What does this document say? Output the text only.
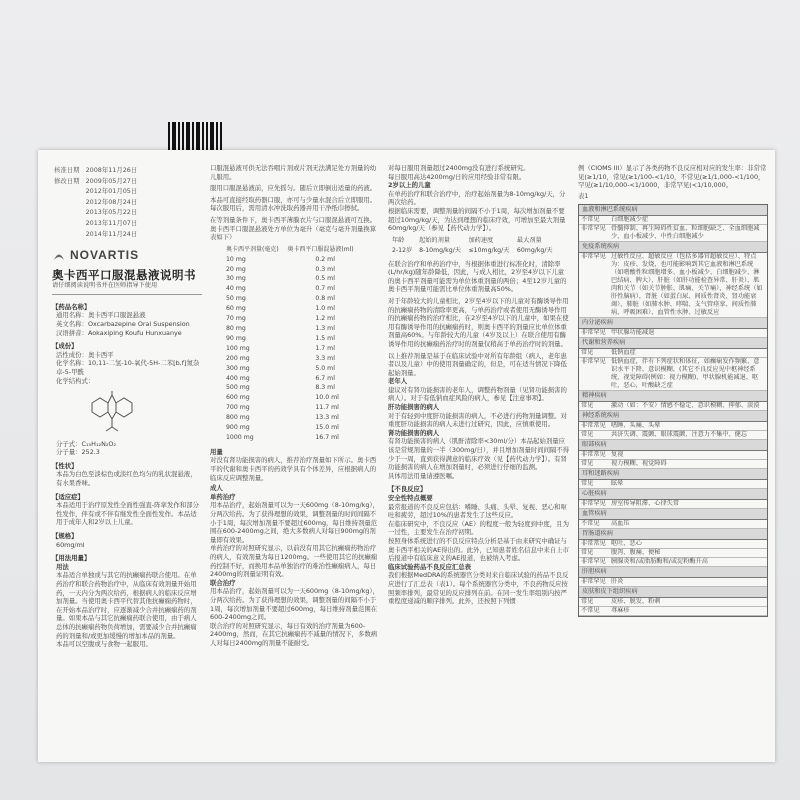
核准日期	2008年11月26日
修改日期	2009年05月27日
	2012年01月05日
	2012年08月24日
	2013年05月22日
	2013年11月07日
	2014年11月24日
NOVARTIS
奥卡西平口服混悬液说明书
请仔细阅读说明书并在医师指导下使用
【药品名称】
通用名称：奥卡西平口服混悬液
英文名称：Oxcarbazepine Oral Suspension
汉语拼音：Aokaxiping Koufu Hunxuanye
【成份】
活性成份：奥卡西平
化学名称：10,11-二氢-10-氧代-5H-二苯[b,f]氮杂卓-5-甲酰
化学结构式：
分子式：C₁₅H₁₂N₂O₂
分子量：252.3
【性状】
本品为白色至淡棕色或淡红色均匀的乳状混悬液，有水果香味。
【适应症】
本品适用于治疗原发性全面性强直-阵挛发作和部分性发作，伴有或不伴有继发性全面性发作。本品适用于成年人和2岁以上儿童。
【规格】
60mg/ml
【用法用量】
用法
本品适合单独或与其它的抗癫痫药联合使用。在单药治疗和联合药物治疗中，从临床有效剂量开始用药，一天内分为两次给药，根据病人的临床反应增加剂量。当使用奥卡西平代替其他抗癫痫药物时，在开始本品治疗时，应逐渐减少合并抗癫痫药的剂量。如果本品与其它抗癫痫药联合使用，由于病人总体的抗癫痫药物负荷增加，需要减少合并抗癫痫药的剂量和/或更加缓慢的增加本品的剂量。
本品可以空腹或与食物一起服用。
口服混悬液可供无法吞咽片剂或片剂无法满足处方剂量的幼儿服用。
服用口服混悬液前，应先摇匀。随后立即倒出适量的药液。
本品可直接经取药器口服，亦可与少量水混合后立即服用。每次服用后，需用清水冲洗取药器并用干净纸巾擦拭。
在等剂量条件下，奥卡西平薄膜衣片与口服混悬液可互换。
奥卡西平口服混悬液处方单位为毫升（毫克与毫升剂量换算表如下）
奥卡西平剂量(毫克)	奥卡西平口服混悬液(ml)
10 mg	0.2 ml
20 mg	0.3 ml
30 mg	0.5 ml
40 mg	0.7 ml
50 mg	0.8 ml
60 mg	1.0 ml
70 mg	1.2 ml
80 mg	1.3 ml
90 mg	1.5 ml
100 mg	1.7 ml
200 mg	3.3 ml
300 mg	5.0 ml
400 mg	6.7 ml
500 mg	8.3 ml
600 mg	10.0 ml
700 mg	11.7 ml
800 mg	13.3 ml
900 mg	15.0 ml
1000 mg	16.7 ml
用量
对没有肾功能损害的病人，推荐治疗剂量如下所示。奥卡西平的代谢和奥卡西平的药效学具有个体差异，应根据病人的临床反应调整剂量。
成人
单药治疗
用本品治疗，起始剂量可以为一天600mg（8-10mg/kg），分两次给药。为了获得理想的效果，调整剂量的时间间隔不小于1周，每次增加剂量不要超过600mg，每日维持剂量范围在600-2400mg之间，绝大多数病人对每日900mg的剂量即有效果。
单药治疗的对照研究显示，以前没有用其它抗癫痫药物治疗的病人，有效剂量为每日1200mg。一些使用其它的抗癫痫药控制不好，而换用本品单独治疗的难治性癫痫病人，每日2400mg的剂量证明有效。
联合治疗
用本品治疗，起始剂量可以为一天600mg（8-10mg/kg），分两次给药。为了获得理想的效果，调整剂量的间隔不小于1周，每次增加剂量不要超过600mg，每日维持剂量范围在600-2400mg之间。
联合治疗的对照研究显示，每日有效的治疗剂量为600-2400mg，然而，在其它抗癫痫药不减量的情况下，多数病人对每日2400mg的剂量不能耐受。
对每日服用剂量超过2400mg没有进行系统研究。
每日服用高达4200mg/日的应用经验非常有限。
2岁以上的儿童
在单药治疗和联合治疗中，治疗起始剂量为8-10mg/kg/天，分两次给药。
根据临床需要，调整剂量的间隔不小于1周，每次增加剂量不要超过10mg/kg/天，为达到理想的临床疗效，可增加至最大剂量60mg/kg/天（参见【药代动力学】）。
年龄	起始的剂量	加药速度	最大剂量
2-12岁	8-10mg/kg/天	≤10mg/kg/天	60mg/kg/天
在联合治疗和单药治疗中，当根据体重进行标准化时，清除率(L/hr/kg)随年龄降低，因此，与成人相比，2岁至4岁以下儿童的奥卡西平剂量可能需为单位体重剂量的两倍；4至12岁儿童的奥卡西平剂量可能需比单位体重剂量高50%。
对于年龄较大的儿童相比，2岁至4岁以下的儿童对有酶诱导作用的抗癫痫药物的清除率更高，与单药治疗或者使用无酶诱导作用的抗癫痫药物的治疗相比，在2岁至4岁以下的儿童中，如果在使用有酶诱导作用的抗癫痫药时，则奥卡西平的剂量应比单位体重剂量高60%。与年龄较大的儿童（4岁及以上）在联合使用有酶诱导作用的抗癫痫药治疗时的剂量仅稍高于单药治疗时的剂量。
以上推荐剂量是基于在临床试验中对所有年龄组（病人，老年患者以及儿童）中的使用剂量确定的，但是，可在适当情况下降低起始剂量。
老年人
建议对有肾功能损害的老年人，调整药物剂量（见肾功能损害的病人）。对于有低钠血症风险的病人，参见【注意事项】。
肝功能损害的病人
对于有轻到中度肝功能损害的病人，不必进行药物剂量调整。对重度肝功能损害的病人未进行过研究，因此，应慎重使用。
肾功能损害的病人
有肾功能损害的病人（肌酐清除率<30ml/分）本品起始剂量应该是常规剂量的一半（300mg/日），并且增加剂量时间间隔不得少于一周，直到获得满意的临床疗效（见【药代动力学】）。有肾功能损害的病人在增加剂量时，必须进行仔细的监测。
具体用法用量请遵医嘱。
【不良反应】
安全性特点概要
最常报道的不良反应包括：嗜睡、头痛、头晕、复视、恶心和呕吐和疲劳，超过10%的患者发生了这些反应。
在临床研究中，不良反应（AE）的程度一般为轻度到中度，且为一过性，主要发生在治疗初期。
按照身体系统进行的不良反应特点分析是基于由来研究中确证与奥卡西平相关的AE得出的。此外，已知患者姓名信息中来自上市后报道中有临床意义的AE报道，也被纳入考虑。
临床试验药品不良反应汇总表
我们根据MedDRA的系统器官分类对来自临床试验的药品不良反应进行了汇总表（表1）。每个系统器官分类中，不良药物反应按照频率排列，最常见的反应排列在前。在同一发生率组别内按严重程度递减的顺序排列。此外，还按照下列惯
例（CIOMS III）显示了各类药物不良反应相对应的发生率：非常常见(≥1/10，常见(≥1/100-<1/10，不常见(≥1/1,000-<1/100，罕见(≥1/10,000-<1/1000，非常罕见(<1/10,000。
表1
血液和淋巴系统疾病
不常见	白细胞减少症
非常罕见 骨髓抑制、再生障碍性贫血、粒细胞缺乏、全血细胞减少、血小板减少、中性白细胞减少
免疫系统疾病
非常罕见 过敏性反应、超敏反应（包括多器官超敏反应）、特点为：皮疹、发烧，也可能影响到其它血液和淋巴系统（如嗜酸性粒细胞增多、血小板减少、白细胞减少、淋巴结病、脾大）、肝脏（如肝功能检查异常、肝炎）、肌肉和关节（如关节肿胀、肌痛、关节痛），神经系统（如肝性脑病），肾脏（如蛋白尿、间质性肾炎、肾功能衰竭）、肺脏（如肺水肿、哮喘、支气管痉挛、间质性肺病、呼吸困难）、血管性水肿、过敏反应
内分泌疾病
非常罕见 甲状腺功能减退
代谢和营养疾病
常见	低钠血症
非常罕见 低钠血症，伴有下列症状和体征，如癫痫发作频繁、意识水平下降、意识模糊，(其它不良反应见中枢神经系统，视觉障碍(例如：视力模糊)、甲状腺机能减退、呕吐，恶心，叶酸缺乏症
精神疾病
常见	激动（如：不安）情感不稳定、意识模糊、抑郁、淡漠
神经系统疾病
非常常见 嗜睡、头痛、头晕
常见	共济失调、震颤、眼球震颤、注意力不集中、健忘
眼部疾病
非常常见 复视
常见	视力模糊、视觉障碍
耳和迷路疾病
常见	眩晕
心脏疾病
非常罕见 房室传导阻滞、心律失常
血管疾病
不常见	高血压
胃肠道疾病
非常常见 呕吐、恶心
常见	腹泻、腹痛、便秘
非常罕见 胰腺炎和/或脂肪酶和/或淀粉酶升高
肝胆疾病
非常罕见 肝炎
皮肤和皮下组织疾病
常见	皮疹、脱发、粉刺
不常见	荨麻疹
